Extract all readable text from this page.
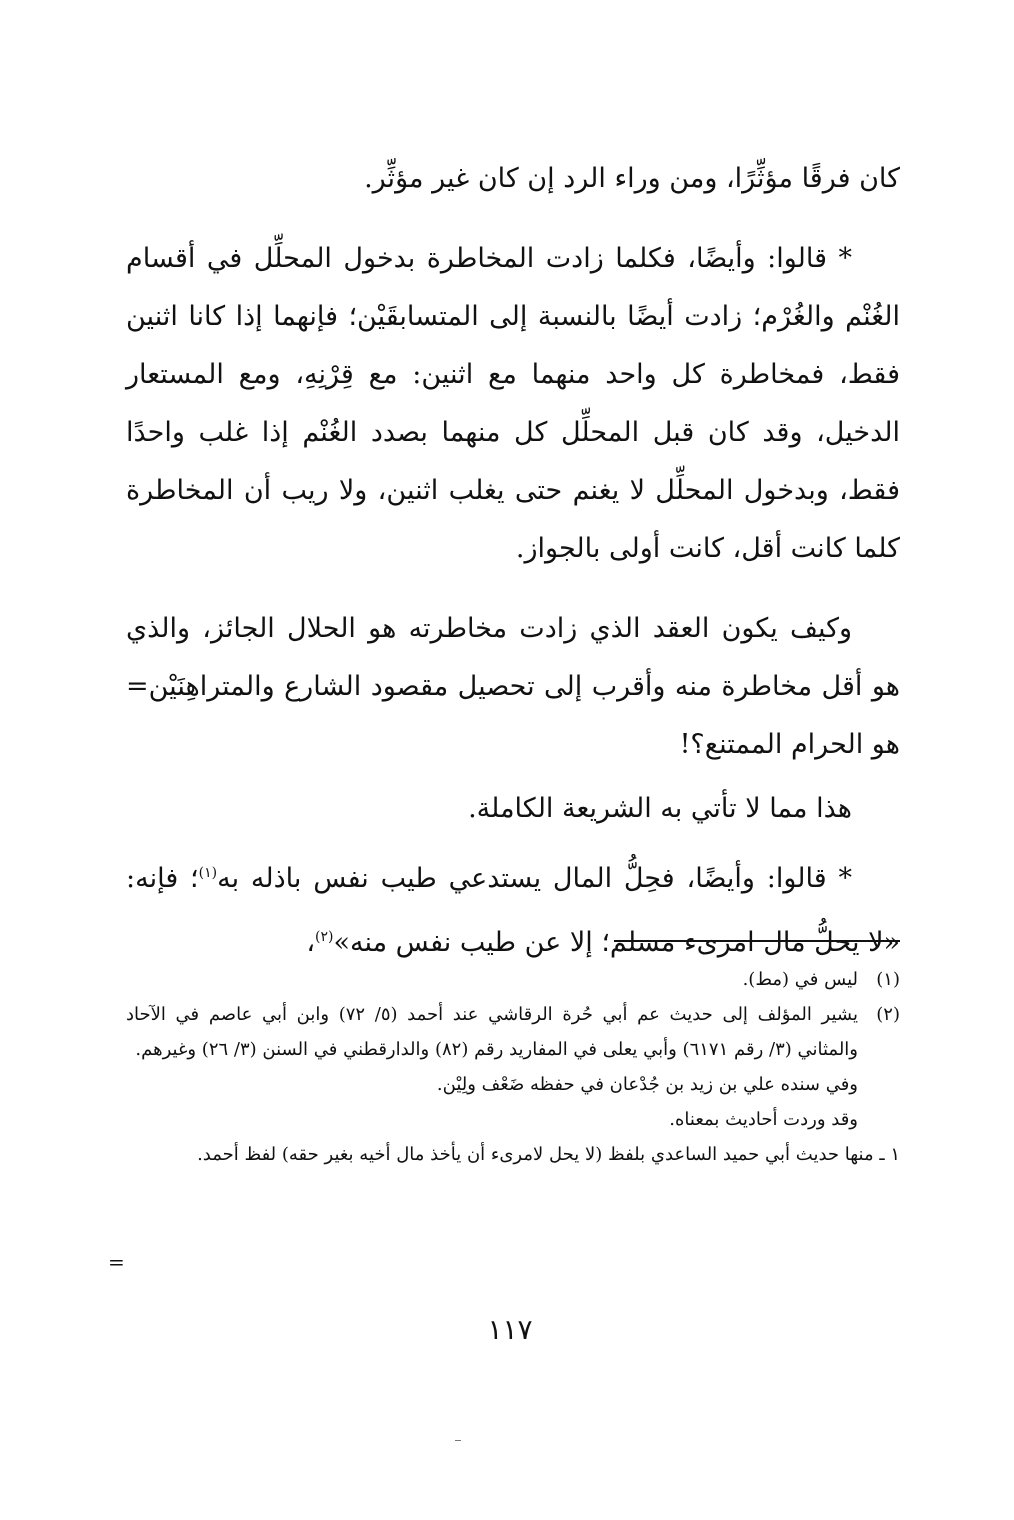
كان فرقًا مؤثِّرًا، ومن وراء الرد إن كان غير مؤثِّر.

* قالوا: وأيضًا، فكلما زادت المخاطرة بدخول المحلِّل في أقسام الغُنْم والغُرْم؛ زادت أيضًا بالنسبة إلى المتسابقَيْن؛ فإنهما إذا كانا اثنين فقط، فمخاطرة كل واحد منهما مع اثنين: مع قِرْنِهِ، ومع المستعار الدخيل، وقد كان قبل المحلِّل كل منهما بصدد الغُنْم إذا غلب واحدًا فقط، وبدخول المحلِّل لا يغنم حتى يغلب اثنين، ولا ريب أن المخاطرة كلما كانت أقل، كانت أولى بالجواز.

وكيف يكون العقد الذي زادت مخاطرته هو الحلال الجائز، والذي هو أقل مخاطرة منه وأقرب إلى تحصيل مقصود الشارع والمتراهِنَيْن= هو الحرام الممتنع؟!

هذا مما لا تأتي به الشريعة الكاملة.

* قالوا: وأيضًا، فحِلُّ المال يستدعي طيب نفس باذله به$^{(١)}$؛ فإنه: «لا يحلُّ مال امرىء مسلم؛ إلا عن طيب نفس منه»$^{(٢)}$،

(١)
ليس في (مط).
(٢)
يشير المؤلف إلى حديث عم أبي حُرة الرقاشي عند أحمد (٥/ ٧٢) وابن أبي عاصم في الآحاد والمثاني (٣/ رقم ٦١٧١) وأبي يعلى في المفاريد رقم (٨٢) والدارقطني في السنن (٣/ ٢٦) وغيرهم.
وفي سنده علي بن زيد بن جُدْعان في حفظه ضَعْف ولِيْن.
وقد وردت أحاديث بمعناه.
١ ـ منها حديث أبي حميد الساعدي بلفظ (لا يحل لامرىء أن يأخذ مال أخيه بغير حقه) لفظ أحمد.
=
١١٧
